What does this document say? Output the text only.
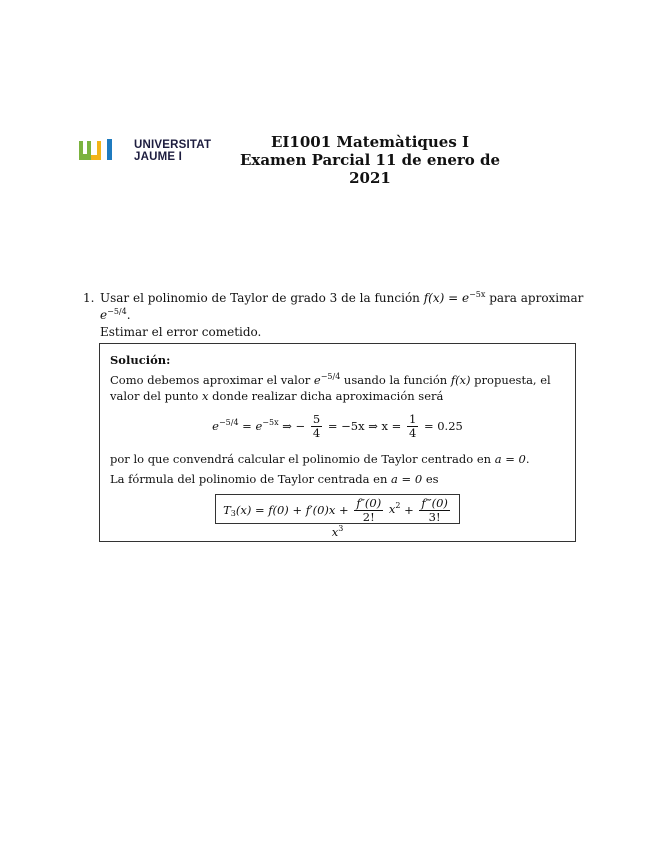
UNIVERSITAT
JAUME I
EI1001 Matemàtiques I
Examen Parcial 11 de enero de 2021
1. Usar el polinomio de Taylor de grado 3 de la función $f(x) = e^{-5x}$ para aproximar $e^{-5/4}$.
Estimar el error cometido.

Solución:

Como debemos aproximar el valor $e^{-5/4}$ usando la función f(x) propuesta, el valor del punto x donde realizar dicha aproximación será

$e^{-5/4} = e^{-5x}$ ⇒ − $\frac{5}{4} = -5x$ ⇒ $x = \frac{1}{4} = 0.25$

por lo que convendrá calcular el polinomio de Taylor centrado en a = 0.

La fórmula del polinomio de Taylor centrada en a = 0 es

$T_3(x) = f(0) + f'(0)x + \frac{f''(0)}{2!} x^2 + \frac{f‴(0)}{3!}$
$x^3$
